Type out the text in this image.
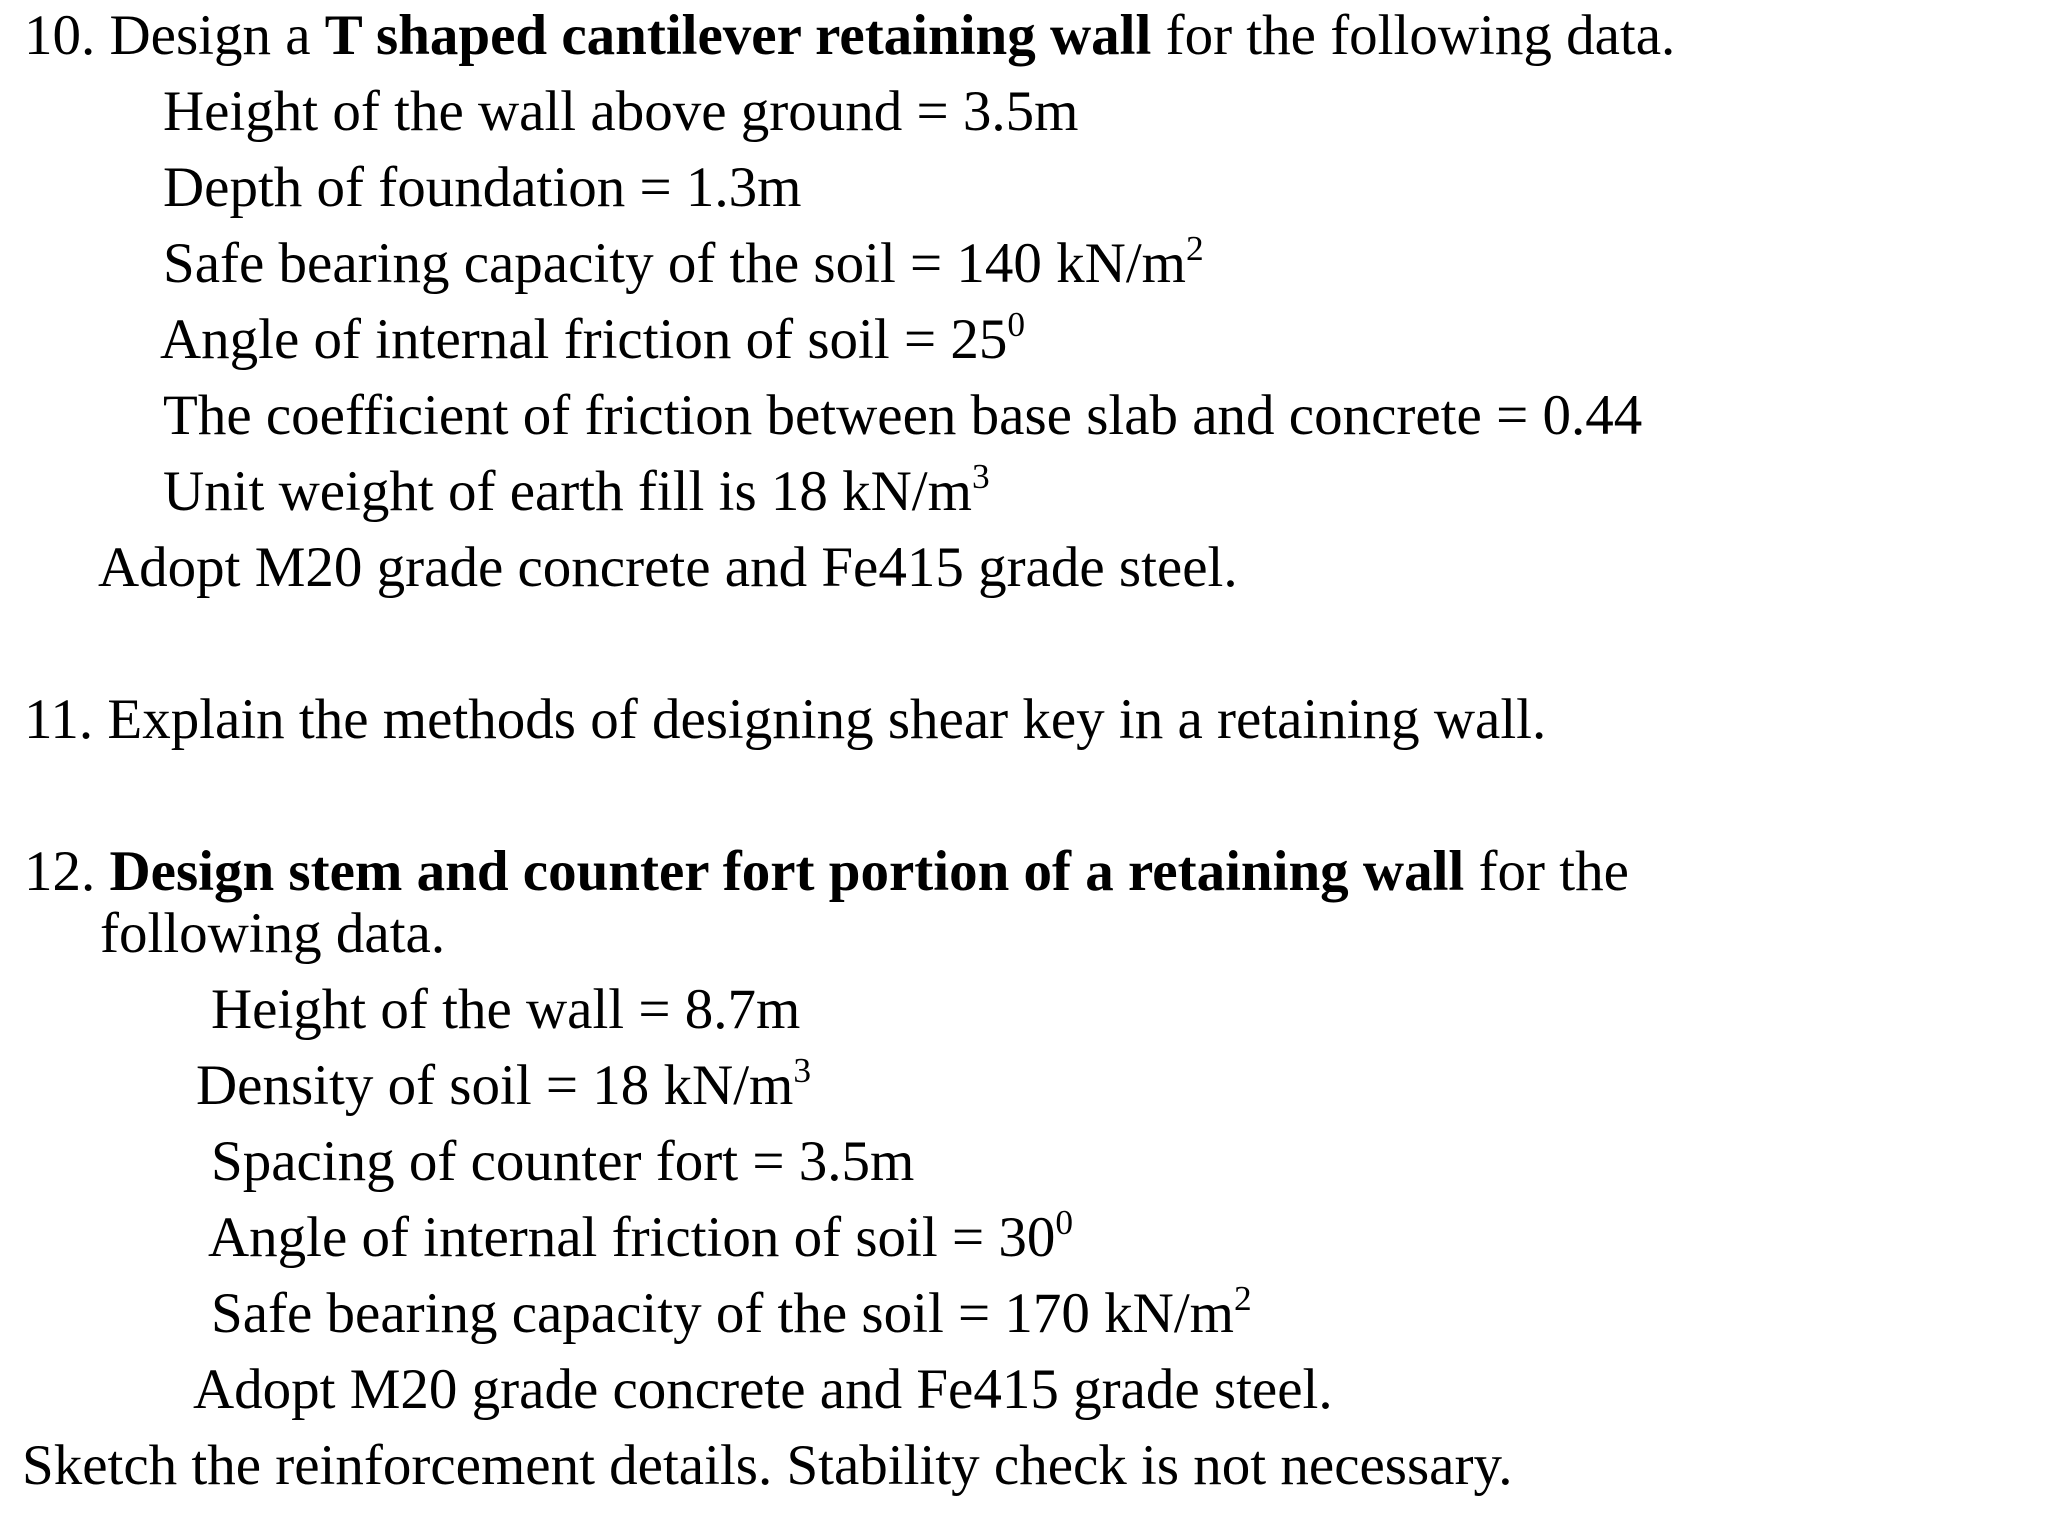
10. Design a T shaped cantilever retaining wall for the following data.
Height of the wall above ground = 3.5m
Depth of foundation = 1.3m
Safe bearing capacity of the soil = 140 $kN/m^2$
Angle of internal friction of soil = $25^0$
The coefficient of friction between base slab and concrete = 0.44
Unit weight of earth fill is 18 $kN/m^3$
Adopt M20 grade concrete and Fe415 grade steel.
11. Explain the methods of designing shear key in a retaining wall.
12. Design stem and counter fort portion of a retaining wall for the
following data.
Height of the wall = 8.7m
Density of soil = 18 $kN/m^3$
Spacing of counter fort = 3.5m
Angle of internal friction of soil = $30^0$
Safe bearing capacity of the soil = 170 $kN/m^2$
Adopt M20 grade concrete and Fe415 grade steel.
Sketch the reinforcement details. Stability check is not necessary.
